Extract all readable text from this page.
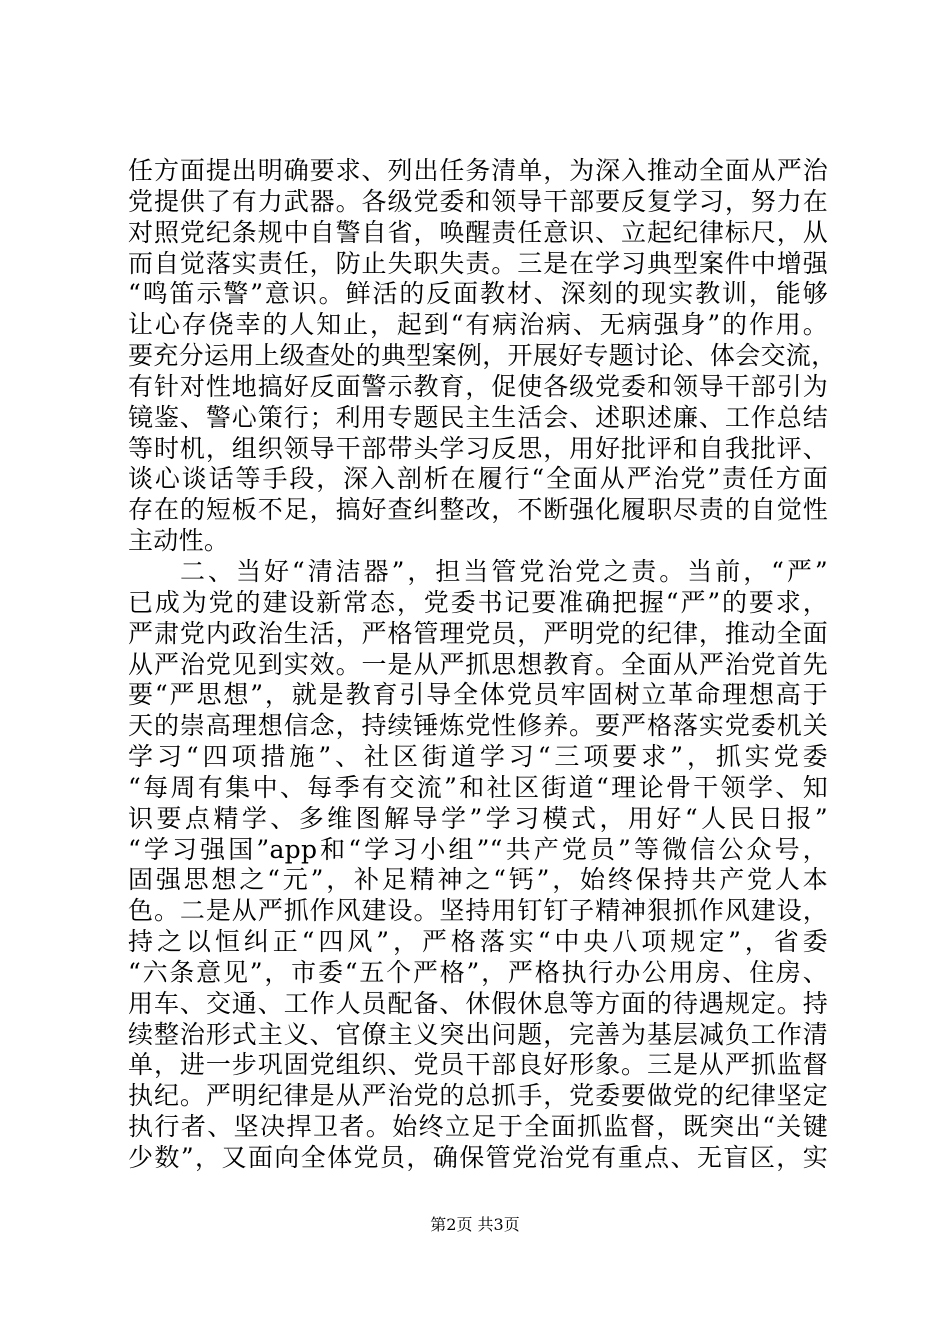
任方面提出明确要求、列出任务清单，为深入推动全面从严治
党提供了有力武器。各级党委和领导干部要反复学习，努力在
对照党纪条规中自警自省，唤醒责任意识、立起纪律标尺，从
而自觉落实责任，防止失职失责。三是在学习典型案件中增强
“鸣笛示警”意识。鲜活的反面教材、深刻的现实教训，能够
让心存侥幸的人知止，起到“有病治病、无病强身”的作用。
要充分运用上级查处的典型案例，开展好专题讨论、体会交流，
有针对性地搞好反面警示教育，促使各级党委和领导干部引为
镜鉴、警心策行；利用专题民主生活会、述职述廉、工作总结
等时机，组织领导干部带头学习反思，用好批评和自我批评、
谈心谈话等手段，深入剖析在履行“全面从严治党”责任方面
存在的短板不足，搞好查纠整改，不断强化履职尽责的自觉性
主动性。
二、当好“清洁器”，担当管党治党之责。当前，“严”
已成为党的建设新常态，党委书记要准确把握“严”的要求，
严肃党内政治生活，严格管理党员，严明党的纪律，推动全面
从严治党见到实效。一是从严抓思想教育。全面从严治党首先
要“严思想”，就是教育引导全体党员牢固树立革命理想高于
天的崇高理想信念，持续锤炼党性修养。要严格落实党委机关
学习“四项措施”、社区街道学习“三项要求”，抓实党委
“每周有集中、每季有交流”和社区街道“理论骨干领学、知
识要点精学、多维图解导学”学习模式，用好“人民日报”
“学习强国”app和“学习小组”“共产党员”等微信公众号，
固强思想之“元”，补足精神之“钙”，始终保持共产党人本
色。二是从严抓作风建设。坚持用钉钉子精神狠抓作风建设，
持之以恒纠正“四风”，严格落实“中央八项规定”，省委
“六条意见”，市委“五个严格”，严格执行办公用房、住房、
用车、交通、工作人员配备、休假休息等方面的待遇规定。持
续整治形式主义、官僚主义突出问题，完善为基层减负工作清
单，进一步巩固党组织、党员干部良好形象。三是从严抓监督
执纪。严明纪律是从严治党的总抓手，党委要做党的纪律坚定
执行者、坚决捍卫者。始终立足于全面抓监督，既突出“关键
少数”，又面向全体党员，确保管党治党有重点、无盲区，实
第2页 共3页
